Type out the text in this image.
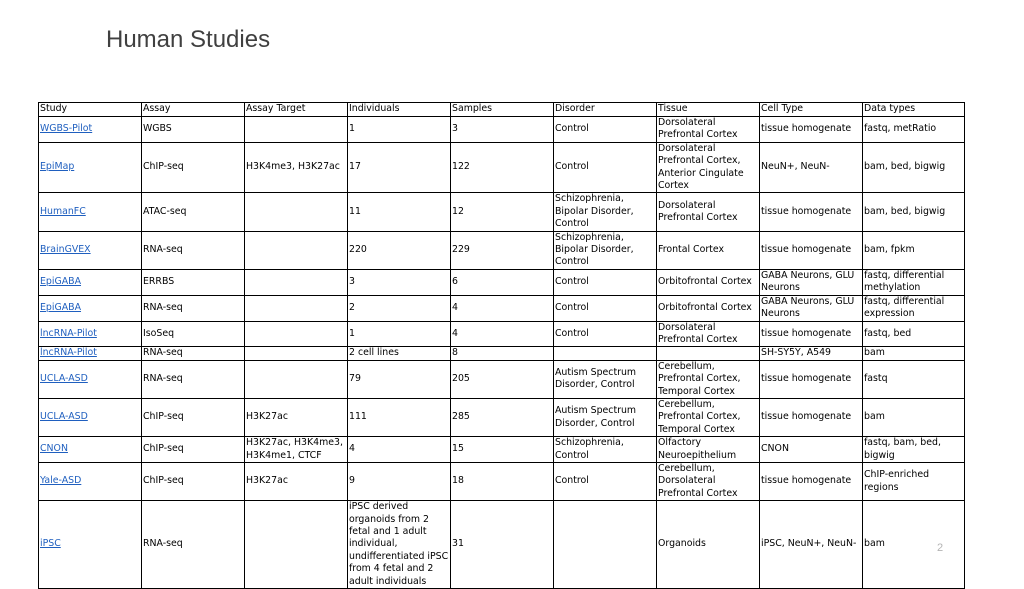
Human Studies
Study	Assay	Assay Target	Individuals	Samples	Disorder	Tissue	Cell Type	Data types
WGBS-Pilot	WGBS		1	3	Control	Dorsolateral Prefrontal Cortex	tissue homogenate	fastq, metRatio
EpiMap	ChIP-seq	H3K4me3, H3K27ac	17	122	Control	Dorsolateral Prefrontal Cortex, Anterior Cingulate Cortex	NeuN+, NeuN-	bam, bed, bigwig
HumanFC	ATAC-seq		11	12	Schizophrenia, Bipolar Disorder, Control	Dorsolateral Prefrontal Cortex	tissue homogenate	bam, bed, bigwig
BrainGVEX	RNA-seq		220	229	Schizophrenia, Bipolar Disorder, Control	Frontal Cortex	tissue homogenate	bam, fpkm
EpiGABA	ERRBS		3	6	Control	Orbitofrontal Cortex	GABA Neurons, GLU Neurons	fastq, differential methylation
EpiGABA	RNA-seq		2	4	Control	Orbitofrontal Cortex	GABA Neurons, GLU Neurons	fastq, differential expression
lncRNA-Pilot	IsoSeq		1	4	Control	Dorsolateral Prefrontal Cortex	tissue homogenate	fastq, bed
lncRNA-Pilot	RNA-seq		2 cell lines	8			SH-SY5Y, A549	bam
UCLA-ASD	RNA-seq		79	205	Autism Spectrum Disorder, Control	Cerebellum, Prefrontal Cortex, Temporal Cortex	tissue homogenate	fastq
UCLA-ASD	ChIP-seq	H3K27ac	111	285	Autism Spectrum Disorder, Control	Cerebellum, Prefrontal Cortex, Temporal Cortex	tissue homogenate	bam
CNON	ChIP-seq	H3K27ac, H3K4me3, H3K4me1, CTCF	4	15	Schizophrenia, Control	Olfactory Neuroepithelium	CNON	fastq, bam, bed, bigwig
Yale-ASD	ChIP-seq	H3K27ac	9	18	Control	Cerebellum, Dorsolateral Prefrontal Cortex	tissue homogenate	ChIP-enriched regions
iPSC	RNA-seq		iPSC derived organoids from 2 fetal and 1 adult individual, undifferentiated iPSC from 4 fetal and 2 adult individuals	31		Organoids	iPSC, NeuN+, NeuN-	bam	2
